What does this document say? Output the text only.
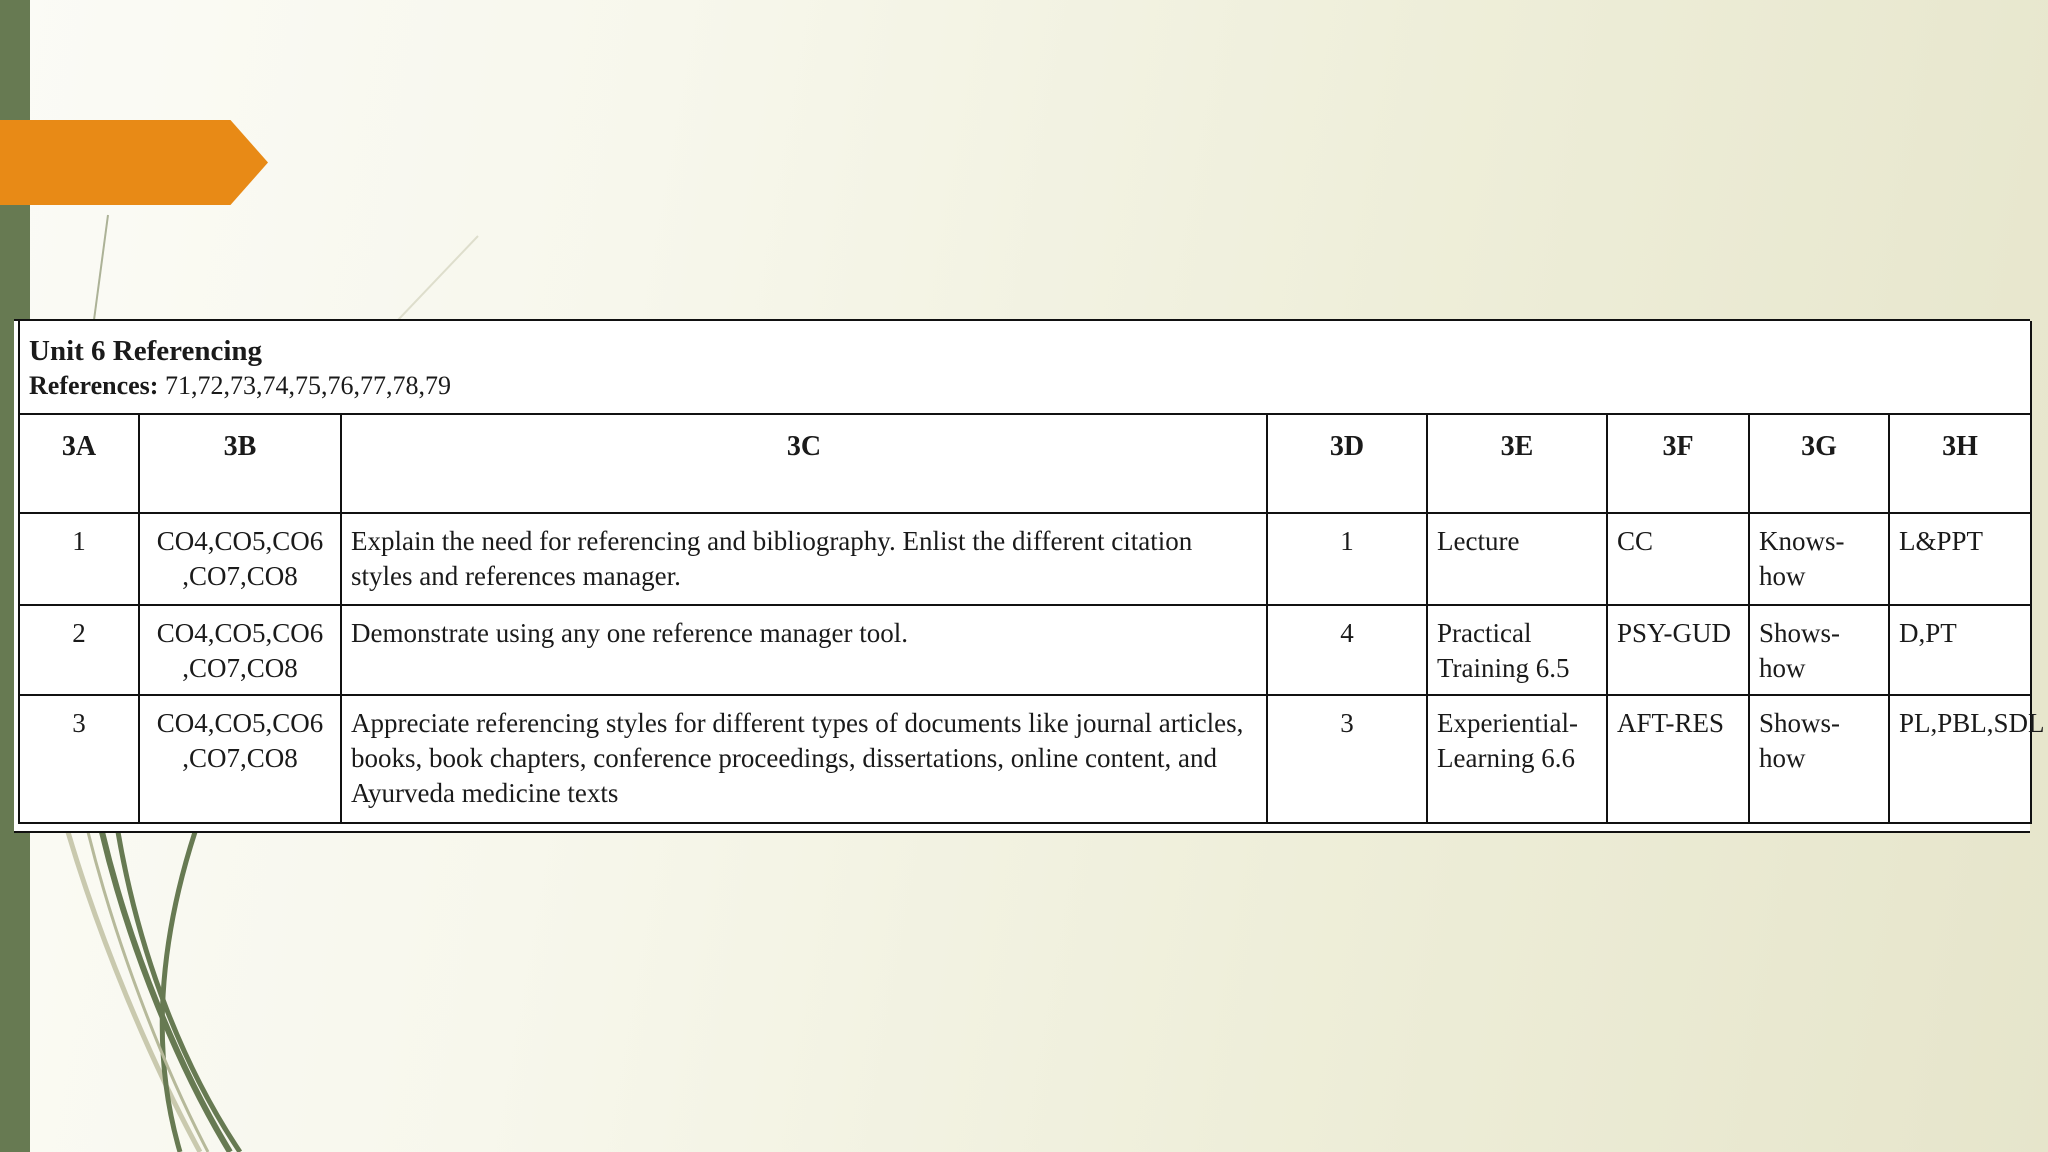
Unit 6 Referencing
References: 71,72,73,74,75,76,77,78,79							

3A	3B	3C	3D	3E	3F	3G	3H
1	CO4,CO5,CO6 ,CO7,CO8	Explain the need for referencing and bibliography. Enlist the different citation styles and references manager.	1	Lecture	CC	Knows-how	L&PPT
2	CO4,CO5,CO6 ,CO7,CO8	Demonstrate using any one reference manager tool.	4	Practical Training 6.5	PSY-GUD	Shows-how	D,PT
3	CO4,CO5,CO6 ,CO7,CO8	Appreciate referencing styles for different types of documents like journal articles, books, book chapters, conference proceedings, dissertations, online content, and Ayurveda medicine texts	3	Experiential-Learning 6.6	AFT-RES	Shows-how	PL,PBL,SDL
